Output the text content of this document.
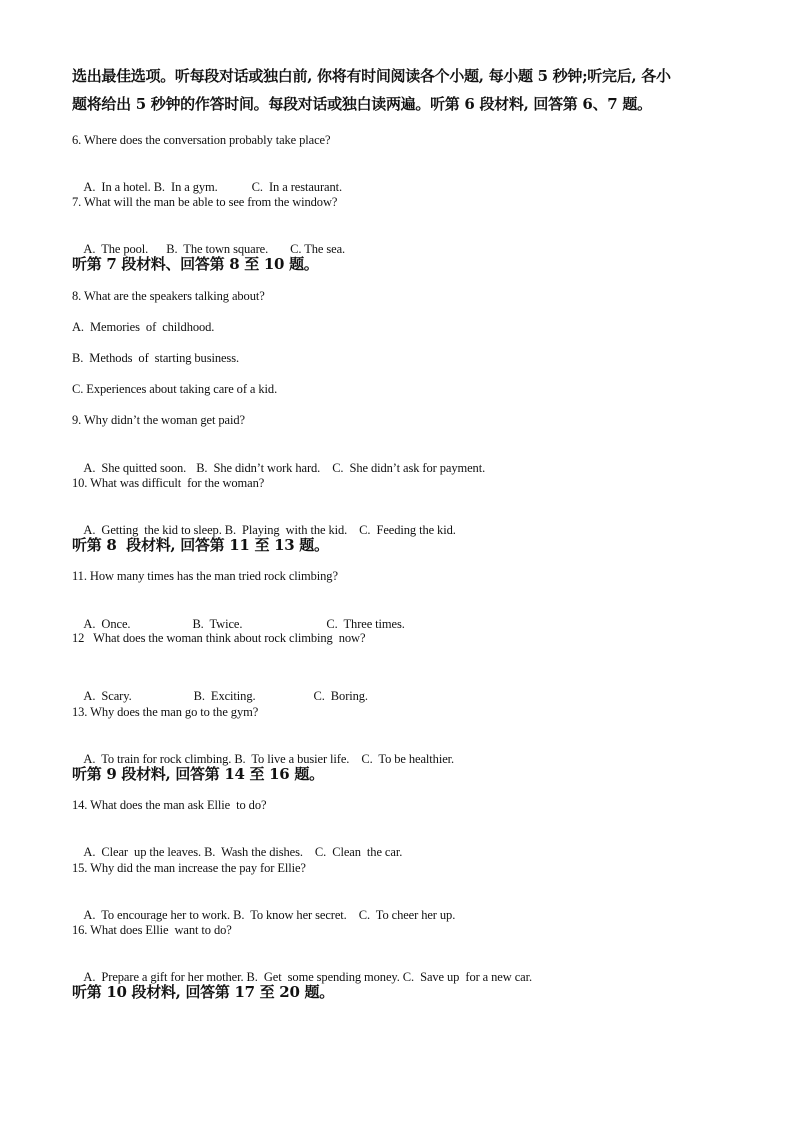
选出最佳选项。听每段对话或独白前, 你将有时间阅读各个小题, 每小题 5 秒钟;听完后, 各小
题将给出 5 秒钟的作答时间。每段对话或独白读两遍。听第 6 段材料, 回答第 6、7 题。
6. Where does the conversation probably take place?

A.  In a hotel. B.  In a gym.	C.  In a restaurant.

7. What will the man be able to see from the window?

A.  The pool. B.  The town square. C. The sea.

听第 7 段材料、回答第 8 至 10 题。
8. What are the speakers talking about?
A.  Memories  of  childhood.
B.  Methods  of  starting business.
C. Experiences about taking care of a kid.
9. Why didn’t the woman get paid?

A.  She quitted soon. B.  She didn’t work hard. C.  She didn’t ask for payment.

10. What was difficult  for the woman?

A.  Getting  the kid to sleep. B.  Playing  with the kid. C.  Feeding the kid.

听第 8  段材料, 回答第 11 至 13 题。
11. How many times has the man tried rock climbing?

A.  Once.	B.  Twice.	C.  Three times.

12   What does the woman think about rock climbing  now?

A.  Scary.	B.  Exciting.	C.  Boring.

13. Why does the man go to the gym?

A.  To train for rock climbing. B.  To live a busier life. C.  To be healthier.

听第 9 段材料, 回答第 14 至 16 题。
14. What does the man ask Ellie  to do?

A.  Clear  up the leaves. B.  Wash the dishes. C.  Clean  the car.

15. Why did the man increase the pay for Ellie?

A.  To encourage her to work. B.  To know her secret. C.  To cheer her up.

16. What does Ellie  want to do?

A.  Prepare a gift for her mother. B.  Get  some spending money. C.  Save up  for a new car.

听第 10 段材料, 回答第 17 至 20 题。
